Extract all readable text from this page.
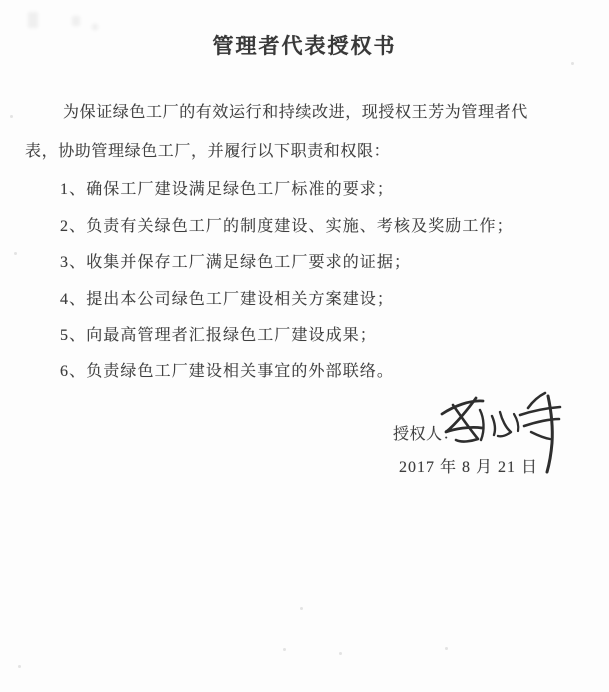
管理者代表授权书
为保证绿色工厂的有效运行和持续改进，现授权王芳为管理者代
表，协助管理绿色工厂，并履行以下职责和权限：
1、确保工厂建设满足绿色工厂标准的要求；
2、负责有关绿色工厂的制度建设、实施、考核及奖励工作；
3、收集并保存工厂满足绿色工厂要求的证据；
4、提出本公司绿色工厂建设相关方案建设；
5、向最高管理者汇报绿色工厂建设成果；
6、负责绿色工厂建设相关事宜的外部联络。
授权人：
2017 年 8 月 21 日
